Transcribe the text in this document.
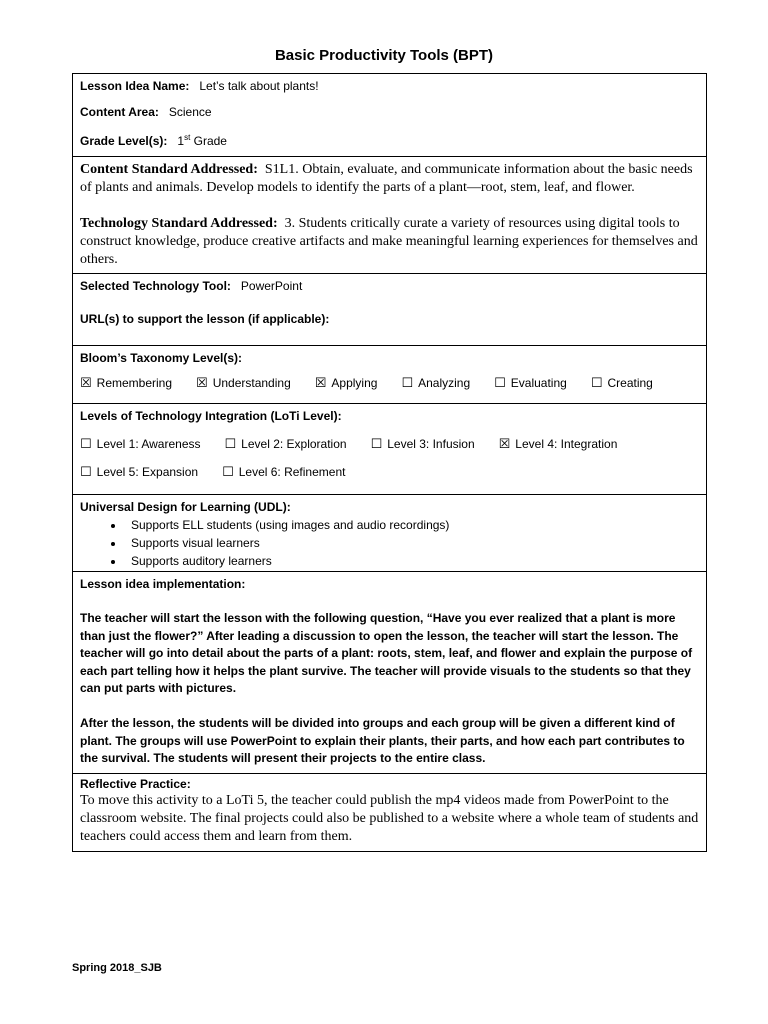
Basic Productivity Tools (BPT)
Lesson Idea Name: Let’s talk about plants!
Content Area: Science
Grade Level(s): 1st Grade
Content Standard Addressed: S1L1. Obtain, evaluate, and communicate information about the basic needs of plants and animals. Develop models to identify the parts of a plant—root, stem, leaf, and flower.
Technology Standard Addressed: 3. Students critically curate a variety of resources using digital tools to construct knowledge, produce creative artifacts and make meaningful learning experiences for themselves and others.
Selected Technology Tool: PowerPoint
URL(s) to support the lesson (if applicable):
Bloom’s Taxonomy Level(s):
☒ Remembering ☒ Understanding ☒ Applying ☐ Analyzing ☐ Evaluating ☐ Creating
Levels of Technology Integration (LoTi Level):
☐ Level 1: Awareness ☐ Level 2: Exploration ☐ Level 3: Infusion ☒ Level 4: Integration
☐ Level 5: Expansion ☐ Level 6: Refinement
Universal Design for Learning (UDL):
• Supports ELL students (using images and audio recordings)
• Supports visual learners
• Supports auditory learners
Lesson idea implementation:

The teacher will start the lesson with the following question, “Have you ever realized that a plant is more than just the flower?” After leading a discussion to open the lesson, the teacher will start the lesson. The teacher will go into detail about the parts of a plant: roots, stem, leaf, and flower and explain the purpose of each part telling how it helps the plant survive. The teacher will provide visuals to the students so that they can put parts with pictures.

After the lesson, the students will be divided into groups and each group will be given a different kind of plant. The groups will use PowerPoint to explain their plants, their parts, and how each part contributes to the survival. The students will present their projects to the entire class.

Reflective Practice:
To move this activity to a LoTi 5, the teacher could publish the mp4 videos made from PowerPoint to the classroom website. The final projects could also be published to a website where a whole team of students and teachers could access them and learn from them.
Spring 2018_SJB
